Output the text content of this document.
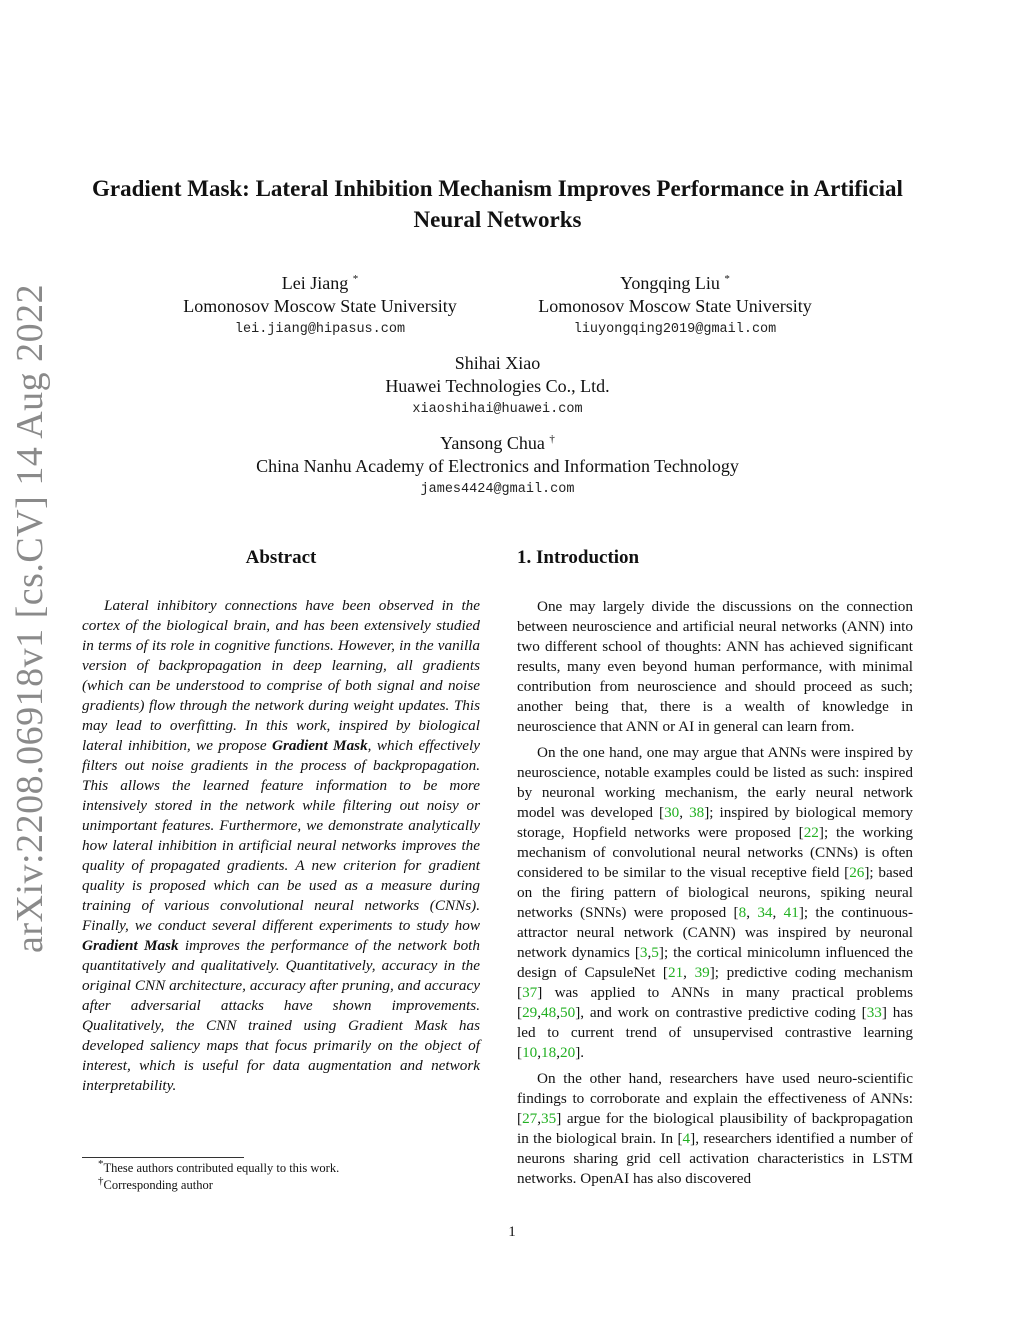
arXiv:2208.06918v1 [cs.CV] 14 Aug 2022
Gradient Mask: Lateral Inhibition Mechanism Improves Performance in Artificial Neural Networks
Lei Jiang *
Lomonosov Moscow State University
lei.jiang@hipasus.com
Yongqing Liu *
Lomonosov Moscow State University
liuyongqing2019@gmail.com
Shihai Xiao
Huawei Technologies Co., Ltd.
xiaoshihai@huawei.com
Yansong Chua †
China Nanhu Academy of Electronics and Information Technology
james4424@gmail.com
Abstract

Lateral inhibitory connections have been observed in the cortex of the biological brain, and has been extensively studied in terms of its role in cognitive functions. However, in the vanilla version of backpropagation in deep learning, all gradients (which can be understood to comprise of both signal and noise gradients) flow through the network during weight updates. This may lead to overfitting. In this work, inspired by biological lateral inhibition, we propose Gradient Mask, which effectively filters out noise gradients in the process of backpropagation. This allows the learned feature information to be more intensively stored in the network while filtering out noisy or unimportant features. Furthermore, we demonstrate analytically how lateral inhibition in artificial neural networks improves the quality of propagated gradients. A new criterion for gradient quality is proposed which can be used as a measure during training of various convolutional neural networks (CNNs). Finally, we conduct several different experiments to study how Gradient Mask improves the performance of the network both quantitatively and qualitatively. Quantitatively, accuracy in the original CNN architecture, accuracy after pruning, and accuracy after adversarial attacks have shown improvements. Qualitatively, the CNN trained using Gradient Mask has developed saliency maps that focus primarily on the object of interest, which is useful for data augmentation and network interpretability.

1. Introduction

One may largely divide the discussions on the connection between neuroscience and artificial neural networks (ANN) into two different school of thoughts: ANN has achieved significant results, many even beyond human performance, with minimal contribution from neuroscience and should proceed as such; another being that, there is a wealth of knowledge in neuroscience that ANN or AI in general can learn from.

On the one hand, one may argue that ANNs were inspired by neuroscience, notable examples could be listed as such: inspired by neuronal working mechanism, the early neural network model was developed [30, 38]; inspired by biological memory storage, Hopfield networks were proposed [22]; the working mechanism of convolutional neural networks (CNNs) is often considered to be similar to the visual receptive field [26]; based on the firing pattern of biological neurons, spiking neural networks (SNNs) were proposed [8, 34, 41]; the continuous-attractor neural network (CANN) was inspired by neuronal network dynamics [3,5]; the cortical minicolumn influenced the design of CapsuleNet [21, 39]; predictive coding mechanism [37] was applied to ANNs in many practical problems [29,48,50], and work on contrastive predictive coding [33] has led to current trend of unsupervised contrastive learning [10,18,20].

On the other hand, researchers have used neuro-scientific findings to corroborate and explain the effectiveness of ANNs: [27,35] argue for the biological plausibility of backpropagation in the biological brain. In [4], researchers identified a number of neurons sharing grid cell activation characteristics in LSTM networks. OpenAI has also discovered

*These authors contributed equally to this work.
†Corresponding author
1
